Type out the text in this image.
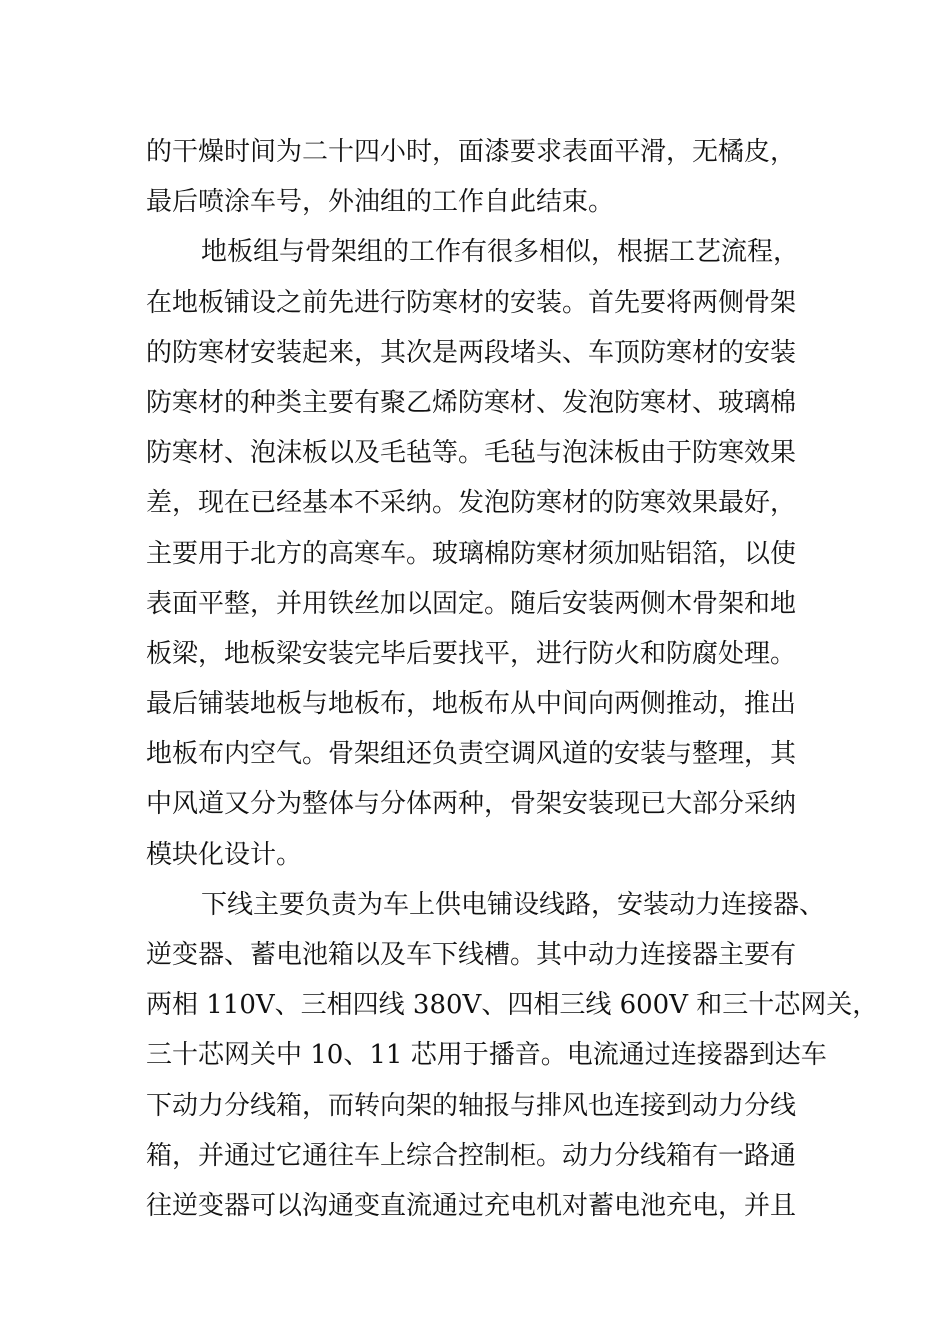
的干燥时间为二十四小时，面漆要求表面平滑，无橘皮，
最后喷涂车号，外油组的工作自此结束。
地板组与骨架组的工作有很多相似，根据工艺流程，
在地板铺设之前先进行防寒材的安装。首先要将两侧骨架
的防寒材安装起来，其次是两段堵头、车顶防寒材的安装
防寒材的种类主要有聚乙烯防寒材、发泡防寒材、玻璃棉
防寒材、泡沫板以及毛毡等。毛毡与泡沫板由于防寒效果
差，现在已经基本不采纳。发泡防寒材的防寒效果最好，
主要用于北方的高寒车。玻璃棉防寒材须加贴铝箔，以使
表面平整，并用铁丝加以固定。随后安装两侧木骨架和地
板梁，地板梁安装完毕后要找平，进行防火和防腐处理。
最后铺装地板与地板布，地板布从中间向两侧推动，推出
地板布内空气。骨架组还负责空调风道的安装与整理，其
中风道又分为整体与分体两种，骨架安装现已大部分采纳
模块化设计。
下线主要负责为车上供电铺设线路，安装动力连接器、
逆变器、蓄电池箱以及车下线槽。其中动力连接器主要有
两相 110V、三相四线 380V、四相三线 600V 和三十芯网关，
三十芯网关中 10、11 芯用于播音。电流通过连接器到达车
下动力分线箱，而转向架的轴报与排风也连接到动力分线
箱，并通过它通往车上综合控制柜。动力分线箱有一路通
往逆变器可以沟通变直流通过充电机对蓄电池充电，并且
